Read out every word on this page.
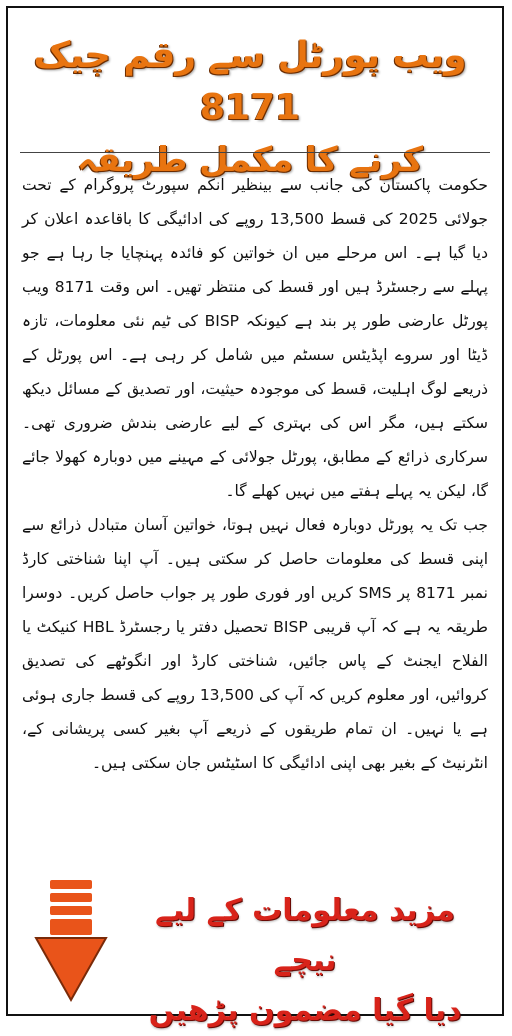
ویب پورٹل سے رقم چیک 8171
کرنے کا مکمل طریقہ

حکومت پاکستان کی جانب سے بینظیر انکم سپورٹ پروگرام کے تحت جولائی 2025 کی قسط 13,500 روپے کی ادائیگی کا باقاعدہ اعلان کر دیا گیا ہے۔ اس مرحلے میں ان خواتین کو فائدہ پہنچایا جا رہا ہے جو پہلے سے رجسٹرڈ ہیں اور قسط کی منتظر تھیں۔ اس وقت 8171 ویب پورٹل عارضی طور پر بند ہے کیونکہ BISP کی ٹیم نئی معلومات، تازہ ڈیٹا اور سروے اپڈیٹس سسٹم میں شامل کر رہی ہے۔ اس پورٹل کے ذریعے لوگ اہلیت، قسط کی موجودہ حیثیت، اور تصدیق کے مسائل دیکھ سکتے ہیں، مگر اس کی بہتری کے لیے عارضی بندش ضروری تھی۔ سرکاری ذرائع کے مطابق، پورٹل جولائی کے مہینے میں دوبارہ کھولا جائے گا، لیکن یہ پہلے ہفتے میں نہیں کھلے گا۔

جب تک یہ پورٹل دوبارہ فعال نہیں ہوتا، خواتین آسان متبادل ذرائع سے اپنی قسط کی معلومات حاصل کر سکتی ہیں۔ آپ اپنا شناختی کارڈ نمبر 8171 پر SMS کریں اور فوری طور پر جواب حاصل کریں۔ دوسرا طریقہ یہ ہے کہ آپ قریبی BISP تحصیل دفتر یا رجسٹرڈ HBL کنیکٹ یا الفلاح ایجنٹ کے پاس جائیں، شناختی کارڈ اور انگوٹھے کی تصدیق کروائیں، اور معلوم کریں کہ آپ کی 13,500 روپے کی قسط جاری ہوئی ہے یا نہیں۔ ان تمام طریقوں کے ذریعے آپ بغیر کسی پریشانی کے، انٹرنیٹ کے بغیر بھی اپنی ادائیگی کا اسٹیٹس جان سکتی ہیں۔

مزید معلومات کے لیے نیچے
دیا گیا مضمون پڑھیں
